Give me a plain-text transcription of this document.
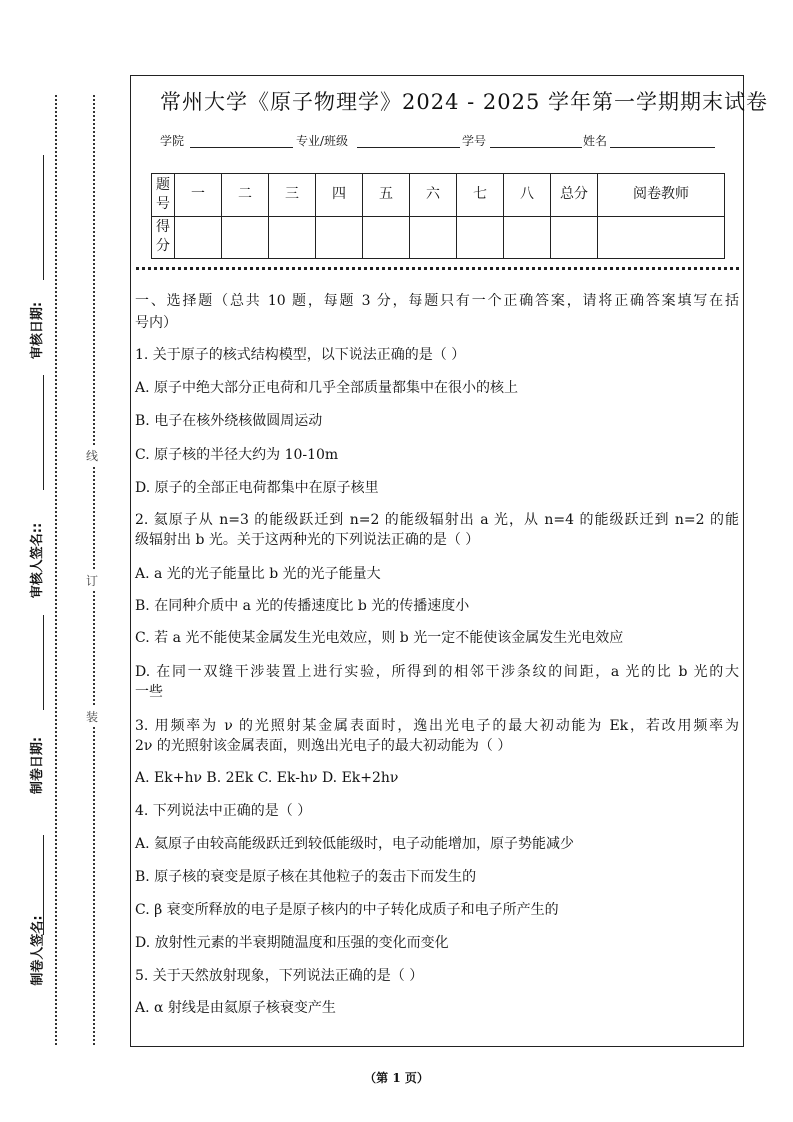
审核日期:
审核人签名::
制卷日期:
制卷人签名:
线
订
装
常州大学《原子物理学》2024 - 2025 学年第一学期期末试卷
学院	专业/班级	学号	姓名
题号	一	二	三	四	五	六	七	八	总分	阅卷教师
得分										
一、选择题（总共 10 题，每题 3 分，每题只有一个正确答案，请将正确答案填写在括
号内）
1. 关于原子的核式结构模型，以下说法正确的是（ ）
A. 原子中绝大部分正电荷和几乎全部质量都集中在很小的核上
B. 电子在核外绕核做圆周运动
C. 原子核的半径大约为 10-10m
D. 原子的全部正电荷都集中在原子核里
2. 氦原子从 n=3 的能级跃迁到 n=2 的能级辐射出 a 光，从 n=4 的能级跃迁到 n=2 的能
级辐射出 b 光。关于这两种光的下列说法正确的是（ ）
A. a 光的光子能量比 b 光的光子能量大
B. 在同种介质中 a 光的传播速度比 b 光的传播速度小
C. 若 a 光不能使某金属发生光电效应，则 b 光一定不能使该金属发生光电效应
D. 在同一双缝干涉装置上进行实验，所得到的相邻干涉条纹的间距，a 光的比 b 光的大
一些
3. 用频率为 ν 的光照射某金属表面时，逸出光电子的最大初动能为 Ek，若改用频率为
2ν 的光照射该金属表面，则逸出光电子的最大初动能为（ ）
A. Ek+hν B. 2Ek C. Ek-hν D. Ek+2hν
4. 下列说法中正确的是（ ）
A. 氦原子由较高能级跃迁到较低能级时，电子动能增加，原子势能减少
B. 原子核的衰变是原子核在其他粒子的轰击下而发生的
C. β 衰变所释放的电子是原子核内的中子转化成质子和电子所产生的
D. 放射性元素的半衰期随温度和压强的变化而变化
5. 关于天然放射现象，下列说法正确的是（ ）
A. α 射线是由氦原子核衰变产生
（第 1 页）
